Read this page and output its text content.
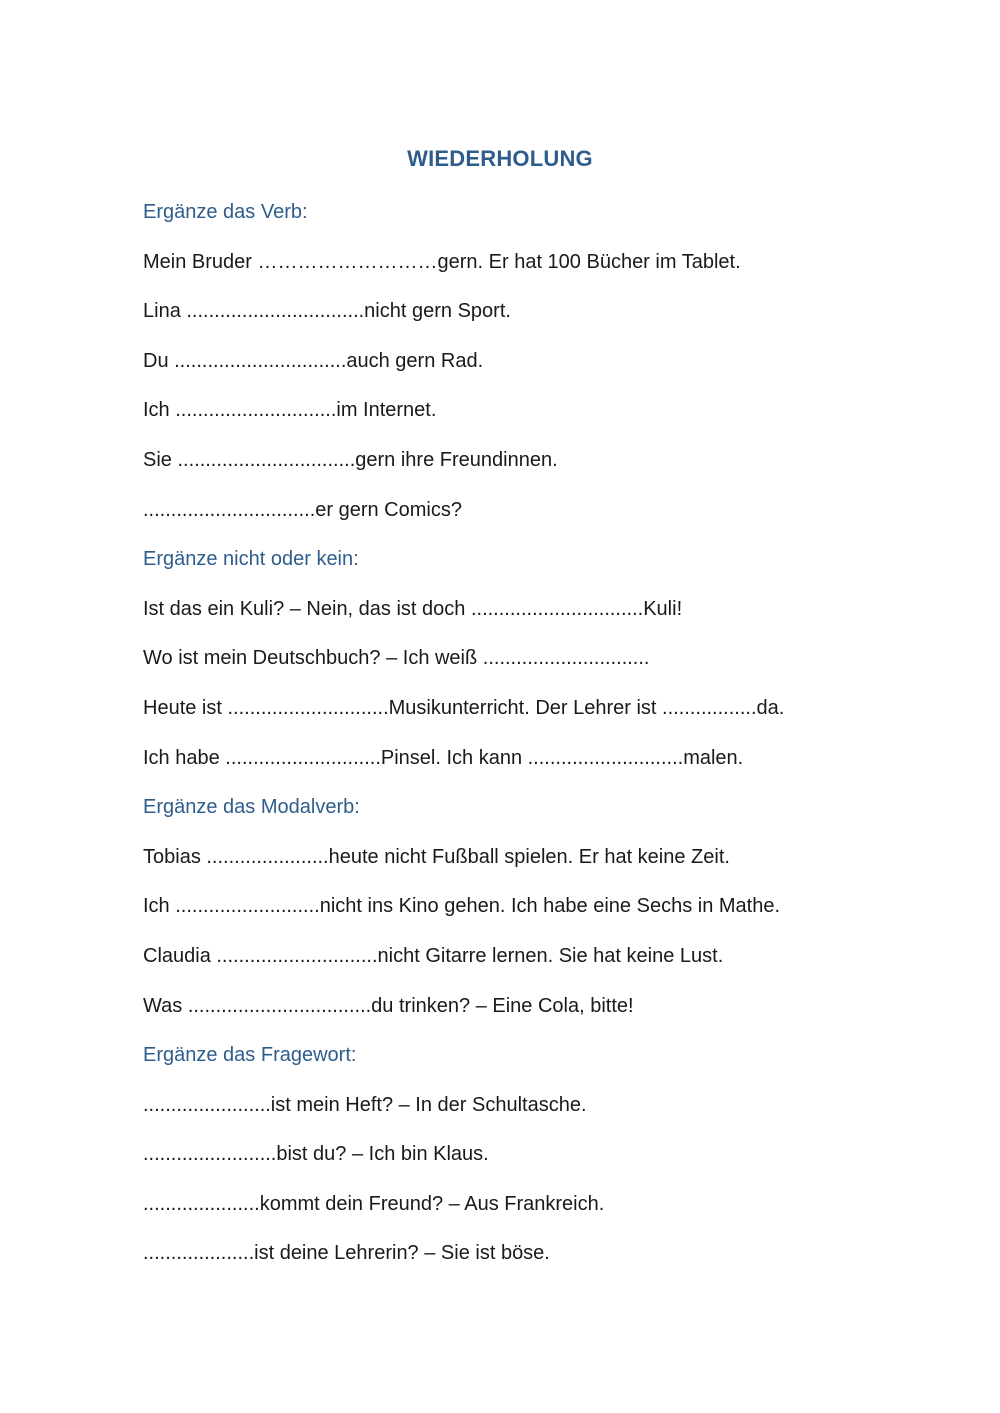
WIEDERHOLUNG
Ergänze das Verb:
Mein Bruder ………………………gern. Er hat 100 Bücher im Tablet.
Lina ................................nicht gern Sport.
Du ...............................auch gern Rad.
Ich .............................im Internet.
Sie ................................gern ihre Freundinnen.
...............................er gern Comics?
Ergänze nicht oder kein:
Ist das ein Kuli? – Nein, das ist doch ...............................Kuli!
Wo ist mein Deutschbuch? – Ich weiß ..............................
Heute ist .............................Musikunterricht. Der Lehrer ist .................da.
Ich habe ............................Pinsel. Ich kann ............................malen.
Ergänze das Modalverb:
Tobias ......................heute nicht Fußball spielen. Er hat keine Zeit.
Ich ..........................nicht ins Kino gehen. Ich habe eine Sechs in Mathe.
Claudia .............................nicht Gitarre lernen. Sie hat keine Lust.
Was .................................du trinken? – Eine Cola, bitte!
Ergänze das Fragewort:
.......................ist mein Heft? – In der Schultasche.
........................bist du? – Ich bin Klaus.
.....................kommt dein Freund? – Aus Frankreich.
....................ist deine Lehrerin? – Sie ist böse.
